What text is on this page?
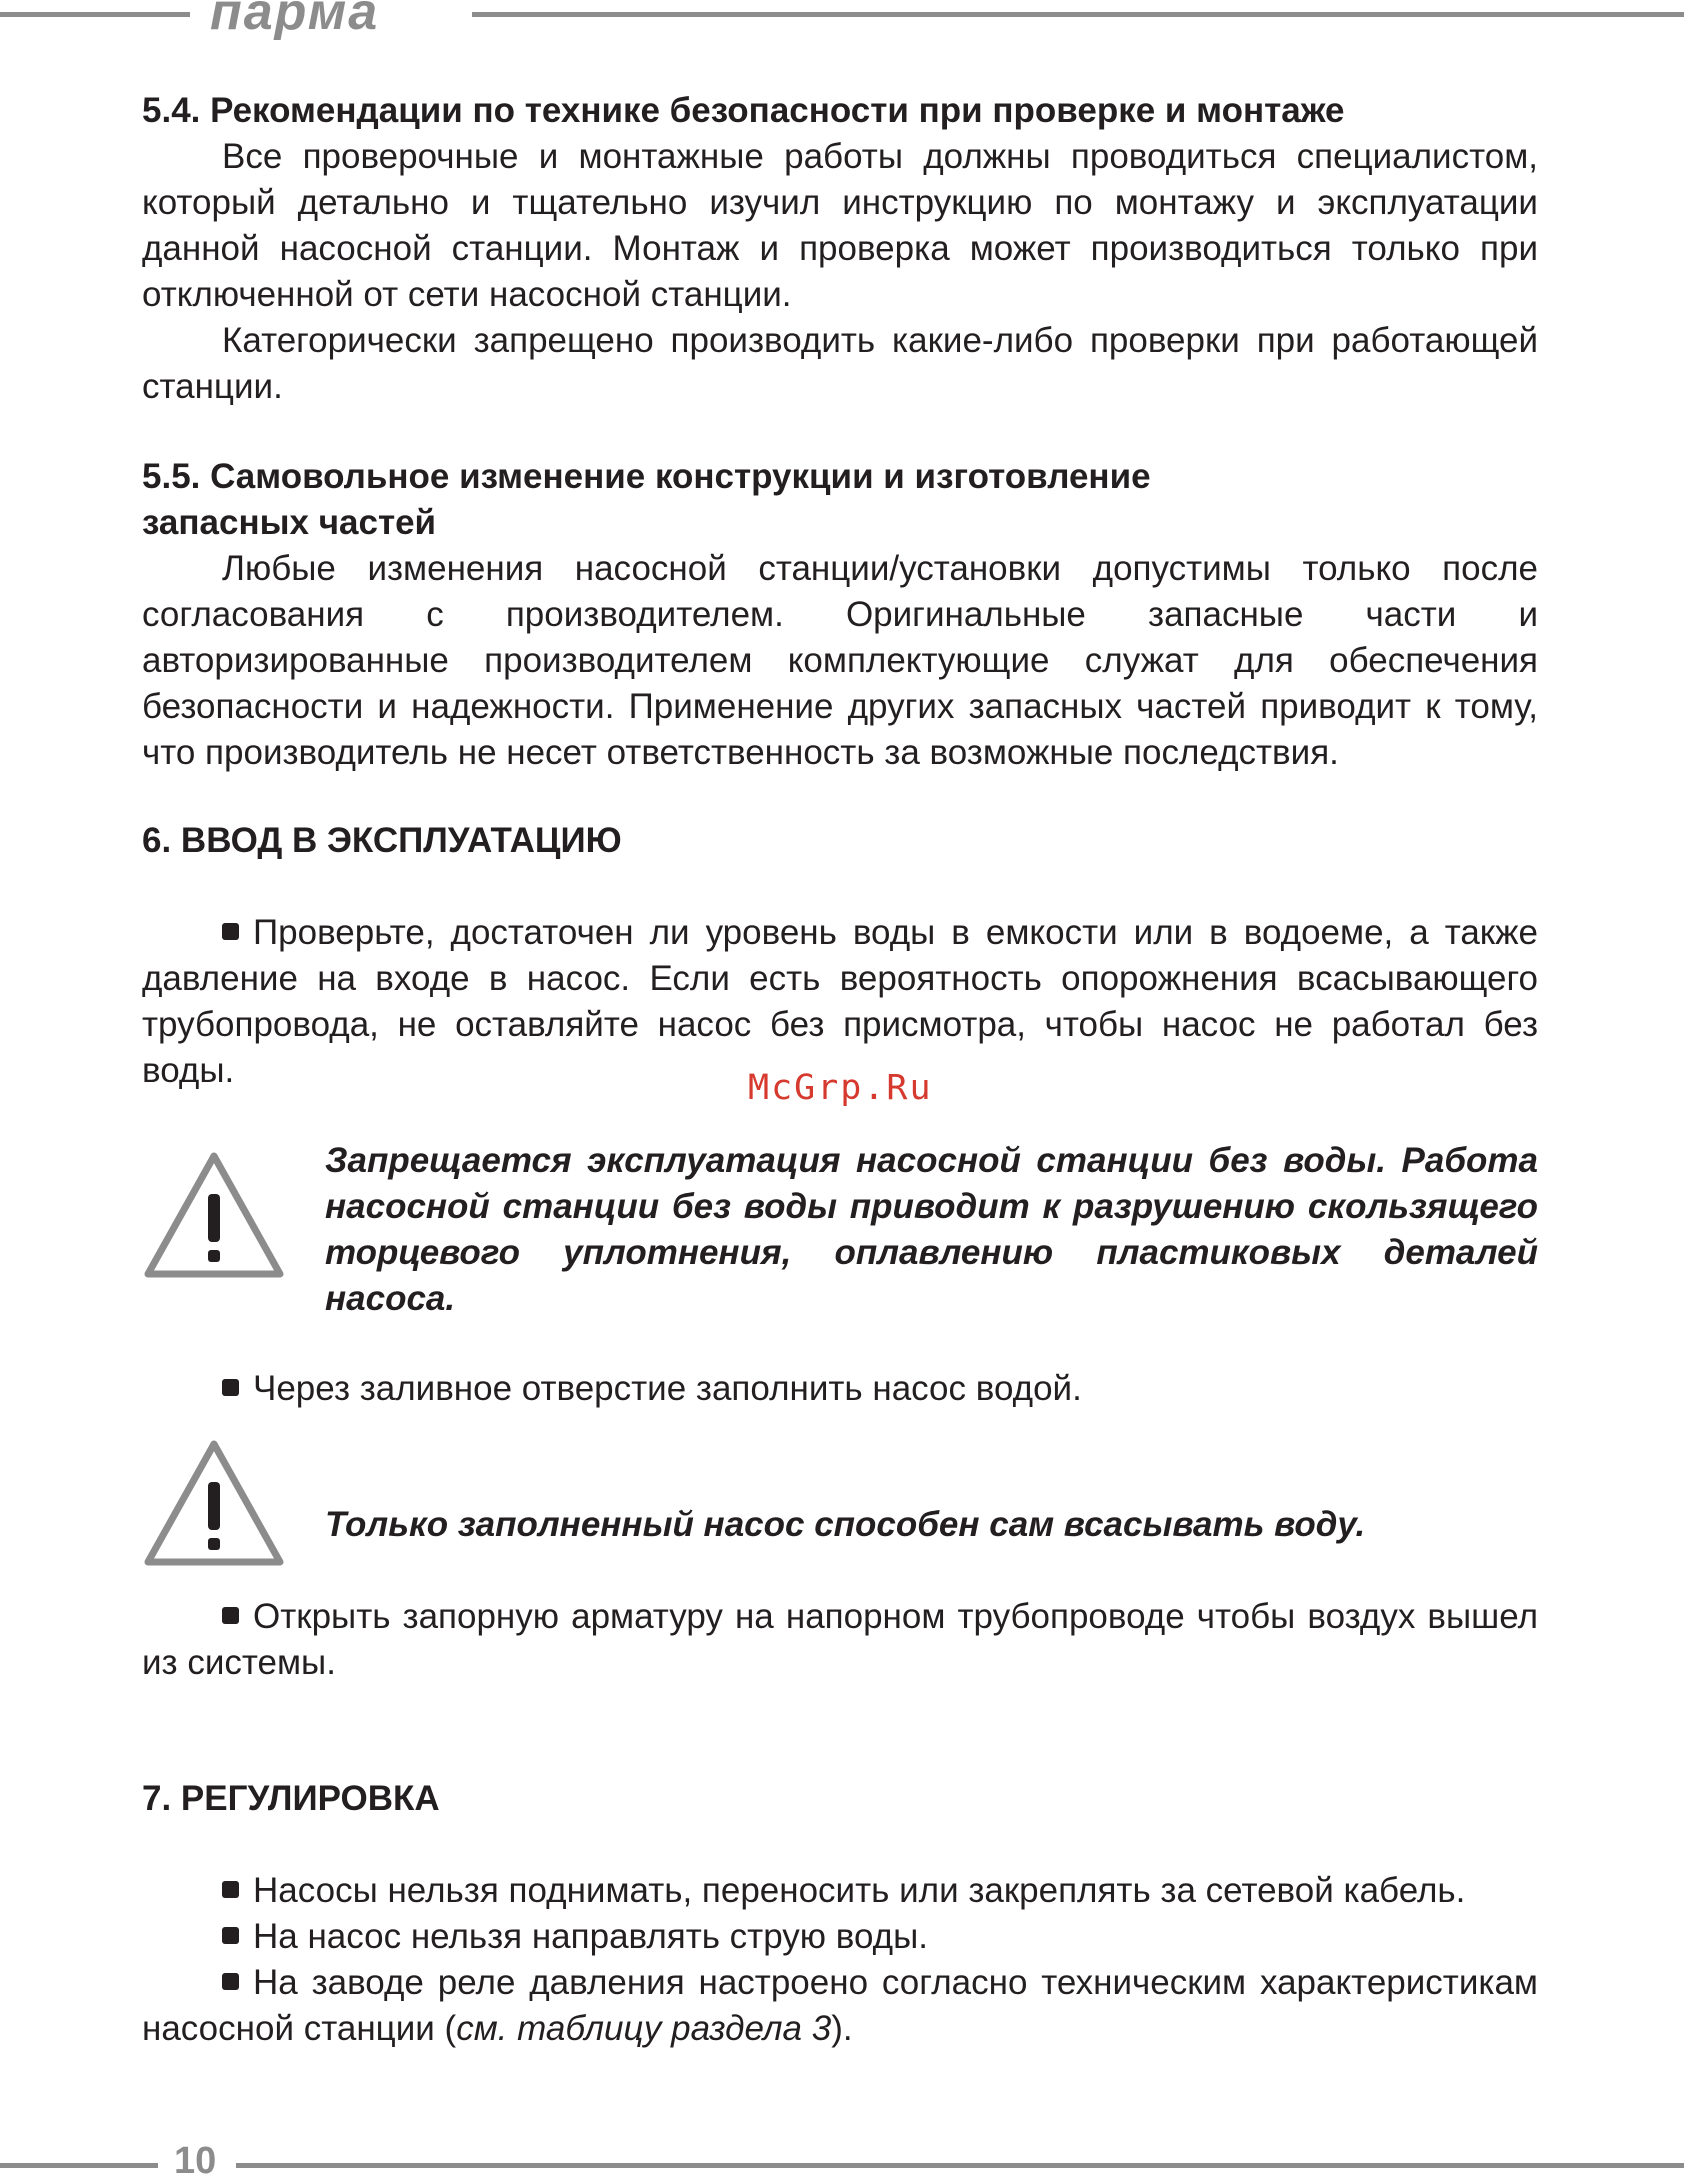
парма

5.4. Рекомендации по технике безопасности при проверке и монтаже

Все проверочные и монтажные работы должны проводиться специалистом, который детально и тщательно изучил инструкцию по монтажу и эксплуатации данной насосной станции. Монтаж и проверка может производиться только при отключенной от сети насосной станции.

Категорически запрещено производить какие-либо проверки при работающей станции.

5.5. Самовольное изменение конструкции и изготовление

запасных частей

Любые изменения насосной станции/установки допустимы только после согласования с производителем. Оригинальные запасные части и авторизированные производителем комплектующие служат для обеспечения безопасности и надежности. Применение других запасных частей приводит к тому, что производитель не несет ответственность за возможные последствия.

6. ВВОД В ЭКСПЛУАТАЦИЮ

Проверьте, достаточен ли уровень воды в емкости или в водоеме, а также давление на входе в насос. Если есть вероятность опорожнения всасывающего трубопровода, не оставляйте насос без присмотра, чтобы насос не работал без воды.	McGrp.Ru

Запрещается эксплуатация насосной станции без воды. Работа насосной станции без воды приводит к разрушению скользящего торцевого уплотнения, оплавлению пластиковых деталей насоса.

Через заливное отверстие заполнить насос водой.

Только заполненный насос способен сам всасывать воду.

Открыть запорную арматуру на напорном трубопроводе чтобы воздух вышел из системы.

7. РЕГУЛИРОВКА

Насосы нельзя поднимать, переносить или закреплять за сетевой кабель.

На насос нельзя направлять струю воды.

На заводе реле давления настроено согласно техническим характеристикам насосной станции (см. таблицу раздела 3).

10
